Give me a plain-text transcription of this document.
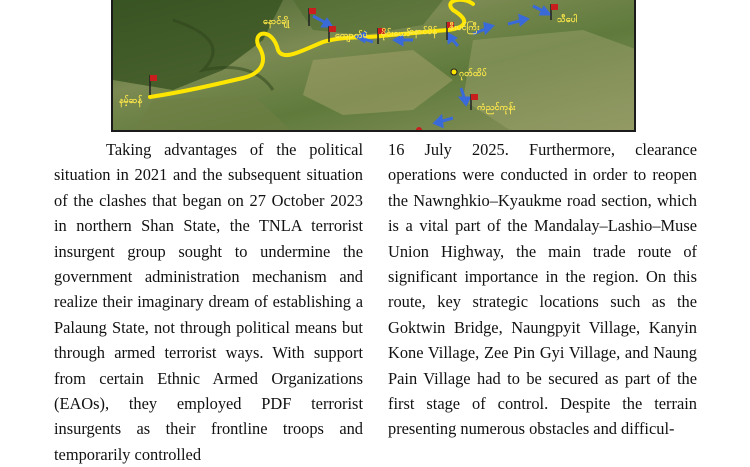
နမ့်ဆန်
နောင်ချို
ကျောက်မဲ မိုင်းယော်
နောင်ပိန် ဇီးပင်ကြီး
သီပေါ
ဂုတ်ထိပ်
ကံညင်ကုန်း

Taking advantages of the political situation in 2021 and the subsequent situation of the clashes that began on 27 October 2023 in northern Shan State, the TNLA terrorist insurgent group sought to undermine the government administration mechanism and realize their imaginary dream of establishing a Palaung State, not through political means but through armed terrorist ways. With support from certain Ethnic Armed Organizations (EAOs), they employed PDF terrorist insurgents as their frontline troops and temporarily controlled

16 July 2025. Furthermore, clearance operations were conducted in order to reopen the Nawnghkio–Kyaukme road section, which is a vital part of the Mandalay–Lashio–Muse Union Highway, the main trade route of significant importance in the region. On this route, key strategic locations such as the Goktwin Bridge, Naungpyit Village, Kanyin Kone Village, Zee Pin Gyi Village, and Naung Pain Village had to be secured as part of the first stage of control. Despite the terrain presenting numerous obstacles and difficul-
